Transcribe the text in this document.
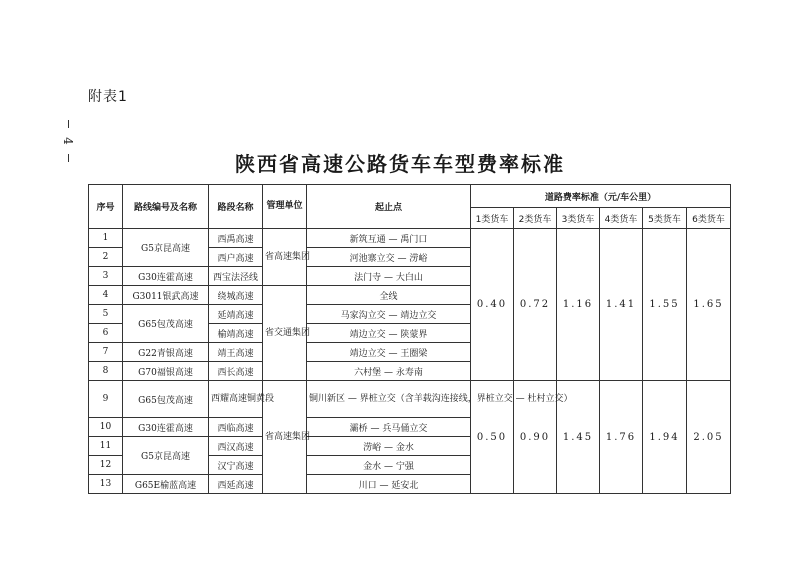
附表1
4
陕西省高速公路货车车型费率标准
序号	路线编号及名称	路段名称	管理单位	起止点	道路费率标准（元/车公里）					
					1类货车	2类货车	3类货车	4类货车	5类货车	6类货车
1	G5京昆高速	西禹高速	省高速集团	新筑互通 — 禹门口	0.40	0.72	1.16	1.41	1.55	1.65
2		西户高速		河池寨立交 — 涝峪						
3	G30连霍高速	西宝法泾线		法门寺 — 大白山						
4	G3011银武高速	绕城高速	省交通集团	全线						
5	G65包茂高速	延靖高速		马家沟立交 — 靖边立交						
6		榆靖高速		靖边立交 — 陕蒙界						
7	G22青银高速	靖王高速		靖边立交 — 王圈梁						
8	G70福银高速	西长高速		六村堡 — 永寿南						
9	G65包茂高速	西耀高速铜黄段	省高速集团	铜川新区 — 界桩立交（含羊载沟连接线，界桩立交 — 杜村立交）	0.50	0.90	1.45	1.76	1.94	2.05
10	G30连霍高速	西临高速		灞桥 — 兵马俑立交						
11	G5京昆高速	西汉高速		涝峪 — 金水						
12		汉宁高速		金水 — 宁强						
13	G65E榆蓝高速	西延高速		川口 — 延安北						
